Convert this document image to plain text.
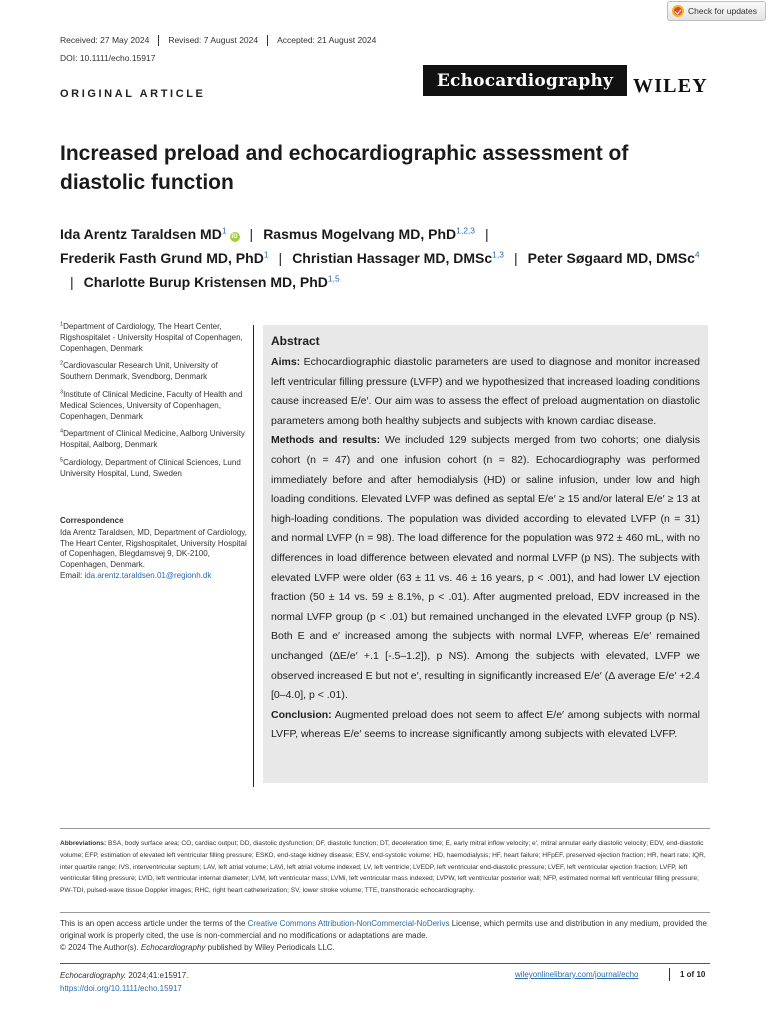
Check for updates
Received: 27 May 2024	Revised: 7 August 2024	Accepted: 21 August 2024
DOI: 10.1111/echo.15917
ORIGINAL ARTICLE
Echocardiography WILEY
Increased preload and echocardiographic assessment of diastolic function
Ida Arentz Taraldsen $MD^1iD$ | Rasmus Mogelvang MD, PhD$^{1,2,3}$ |
Frederik Fasth Grund MD, PhD$^1$ | Christian Hassager MD, DMSc$^{1,3}$ | Peter Søgaard MD, DMSc$^4$| Charlotte Burup Kristensen MD, PhD$^{1,5}$
$^1$Department of Cardiology, The Heart Center, Rigshospitalet - University Hospital of Copenhagen, Copenhagen, Denmark
$^2$Cardiovascular Research Unit, University of Southern Denmark, Svendborg, Denmark
$^3$Institute of Clinical Medicine, Faculty of Health and Medical Sciences, University of Copenhagen, Copenhagen, Denmark
$^4$Department of Clinical Medicine, Aalborg University Hospital, Aalborg, Denmark
$^5$Cardiology, Department of Clinical Sciences, Lund University Hospital, Lund, Sweden
Correspondence
Ida Arentz Taraldsen, MD, Department of Cardiology, The Heart Center, Rigshospitalet, University Hospital of Copenhagen, Blegdamsvej 9, DK-2100, Copenhagen, Denmark.
Email: ida.arentz.taraldsen.01@regionh.dk
Abstract

Aims: Echocardiographic diastolic parameters are used to diagnose and monitor increased left ventricular filling pressure (LVFP) and we hypothesized that increased loading conditions cause increased E/e′. Our aim was to assess the effect of preload augmentation on diastolic parameters among both healthy subjects and subjects with known cardiac disease.

Methods and results: We included 129 subjects merged from two cohorts; one dialysis cohort (n = 47) and one infusion cohort (n = 82). Echocardiography was performed immediately before and after hemodialysis (HD) or saline infusion, under low and high loading conditions. Elevated LVFP was defined as septal E/e′ ≥ 15 and/or lateral E/e′ ≥ 13 at high-loading conditions. The population was divided according to elevated LVFP (n = 31) and normal LVFP (n = 98). The load difference for the population was 972 ± 460 mL, with no differences in load difference between elevated and normal LVFP (p NS). The subjects with elevated LVFP were older (63 ± 11 vs. 46 ± 16 years, p < .001), and had lower LV ejection fraction (50 ± 14 vs. 59 ± 8.1%, p < .01). After augmented preload, EDV increased in the normal LVFP group (p < .01) but remained unchanged in the elevated LVFP group (p NS). Both E and e′ increased among the subjects with normal LVFP, whereas E/e′ remained unchanged (ΔE/e′ +.1 [-.5–1.2]), p NS). Among the subjects with elevated, LVFP we observed increased E but not e′, resulting in significantly increased E/e′ (Δ average E/e′ +2.4 [0–4.0], p < .01).

Conclusion: Augmented preload does not seem to affect E/e′ among subjects with normal LVFP, whereas E/e′ seems to increase significantly among subjects with elevated LVFP.

Abbreviations: BSA, body surface area; CO, cardiac output; DD, diastolic dysfunction; DF, diastolic function; DT, deceleration time; E, early mitral inflow velocity; e′, mitral annular early diastolic velocity; EDV, end-diastolic volume; EFP, estimation of elevated left ventricular filling pressure; ESKD, end-stage kidney disease; ESV, end-systolic volume; HD, haemodialysis; HF, heart failure; HFpEF, preserved ejection fraction; HR, heart rate; IQR, inter quartile range; IVS, interventricular septum; LAV, left atrial volume; LAVi, left atrial volume indexed; LV, left ventricle; LVEDP, left ventricular end-diastolic pressure; LVEF, left ventricular ejection fraction; LVFP, left ventricular filling pressure; LVID, left ventricular internal diameter; LVM, left ventricular mass; LVMi, left ventricular mass indexed; LVPW, left ventricular posterior wall; NFP, estimated normal left ventricular filling pressure; PW-TDI, pulsed-wave tissue Doppler images; RHC, right heart catheterization; SV, lower stroke volume; TTE, transthoracic echocardiography.
This is an open access article under the terms of the Creative Commons Attribution-NonCommercial-NoDerivs License, which permits use and distribution in any medium, provided the original work is properly cited, the use is non-commercial and no modifications or adaptations are made.
© 2024 The Author(s). Echocardiography published by Wiley Periodicals LLC.
Echocardiography. 2024;41:e15917.
https://doi.org/10.1111/echo.15917
wileyonlinelibrary.com/journal/echo	1 of 10
